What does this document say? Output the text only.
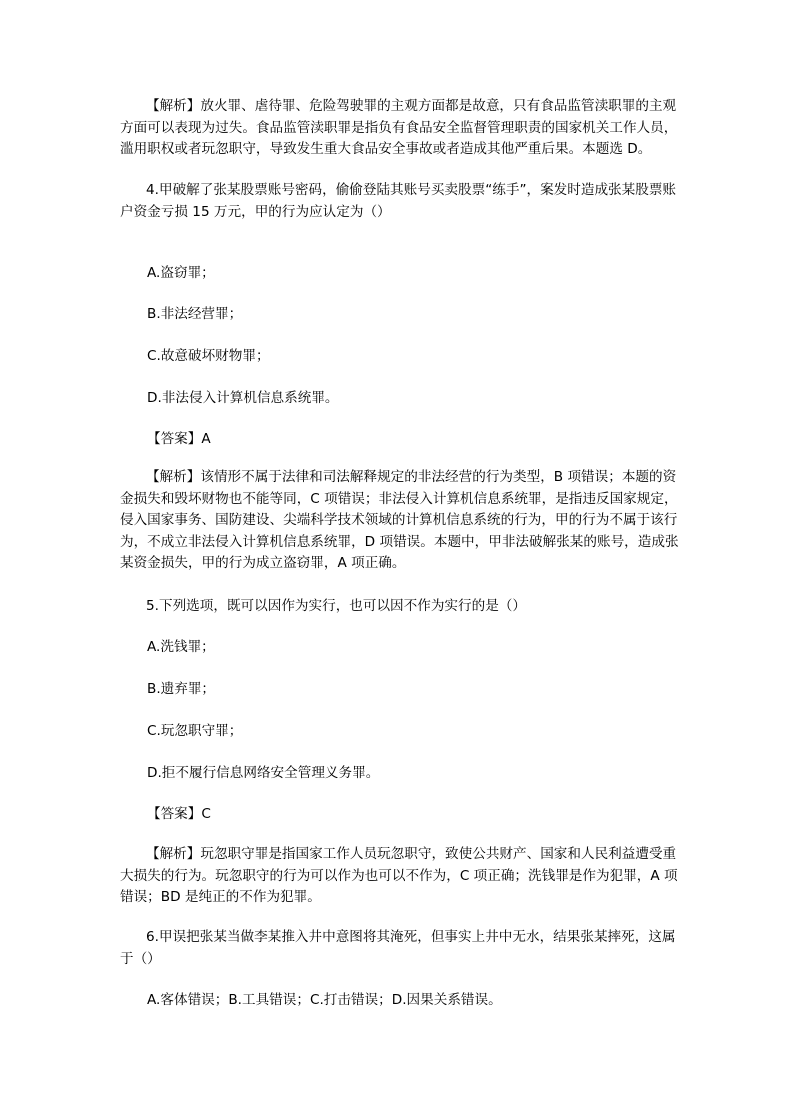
【解析】放火罪、虐待罪、危险驾驶罪的主观方面都是故意，只有食品监管渎职罪的主观方面可以表现为过失。食品监管渎职罪是指负有食品安全监督管理职责的国家机关工作人员，滥用职权或者玩忽职守，导致发生重大食品安全事故或者造成其他严重后果。本题选 D。

4.甲破解了张某股票账号密码，偷偷登陆其账号买卖股票“练手”，案发时造成张某股票账户资金亏损 15 万元，甲的行为应认定为（）

A.盗窃罪；

B.非法经营罪；

C.故意破坏财物罪；

D.非法侵入计算机信息系统罪。

【答案】A

【解析】该情形不属于法律和司法解释规定的非法经营的行为类型，B 项错误；本题的资金损失和毁坏财物也不能等同，C 项错误；非法侵入计算机信息系统罪，是指违反国家规定，侵入国家事务、国防建设、尖端科学技术领域的计算机信息系统的行为，甲的行为不属于该行为，不成立非法侵入计算机信息系统罪，D 项错误。本题中，甲非法破解张某的账号，造成张某资金损失，甲的行为成立盗窃罪，A 项正确。

5.下列选项，既可以因作为实行，也可以因不作为实行的是（）

A.洗钱罪；

B.遗弃罪；

C.玩忽职守罪；

D.拒不履行信息网络安全管理义务罪。

【答案】C

【解析】玩忽职守罪是指国家工作人员玩忽职守，致使公共财产、国家和人民利益遭受重大损失的行为。玩忽职守的行为可以作为也可以不作为，C 项正确；洗钱罪是作为犯罪，A 项错误；BD 是纯正的不作为犯罪。

6.甲误把张某当做李某推入井中意图将其淹死，但事实上井中无水，结果张某摔死，这属于（）

A.客体错误；B.工具错误；C.打击错误；D.因果关系错误。
